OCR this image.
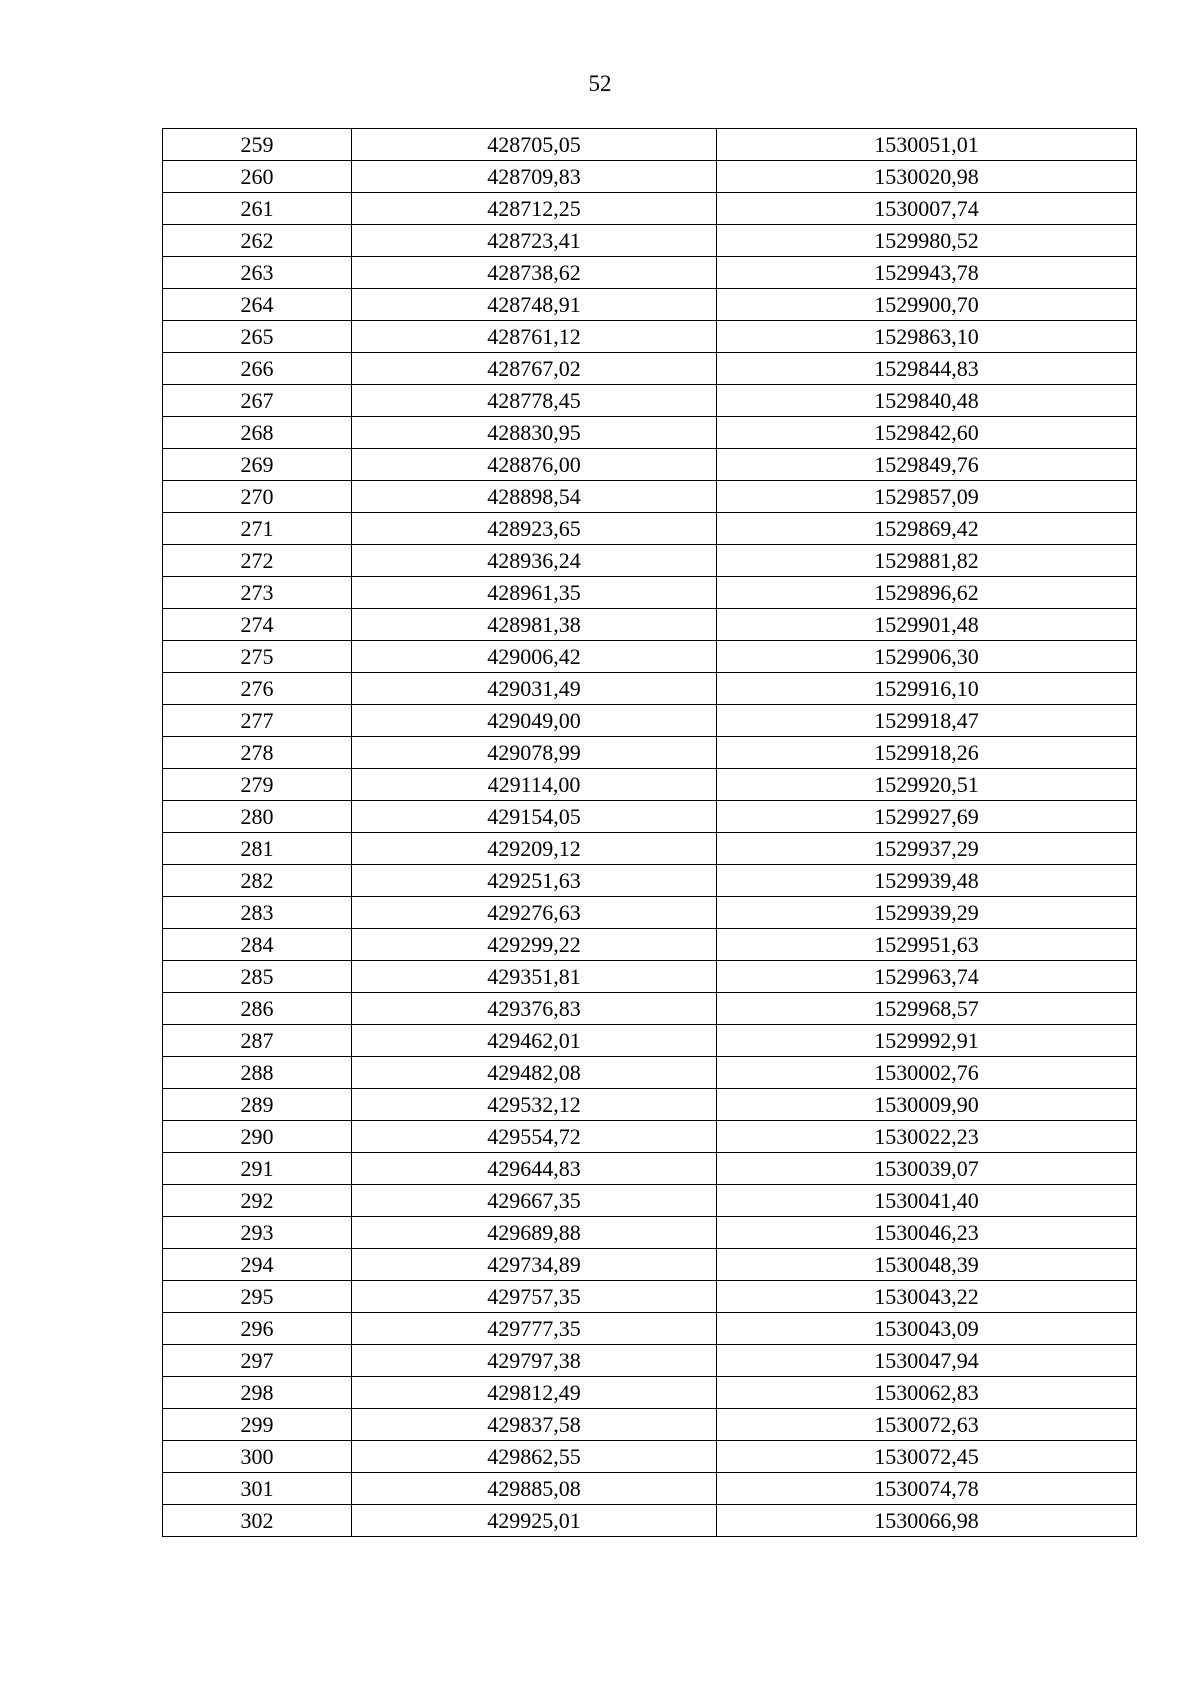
52
259	428705,05	1530051,01
260	428709,83	1530020,98
261	428712,25	1530007,74
262	428723,41	1529980,52
263	428738,62	1529943,78
264	428748,91	1529900,70
265	428761,12	1529863,10
266	428767,02	1529844,83
267	428778,45	1529840,48
268	428830,95	1529842,60
269	428876,00	1529849,76
270	428898,54	1529857,09
271	428923,65	1529869,42
272	428936,24	1529881,82
273	428961,35	1529896,62
274	428981,38	1529901,48
275	429006,42	1529906,30
276	429031,49	1529916,10
277	429049,00	1529918,47
278	429078,99	1529918,26
279	429114,00	1529920,51
280	429154,05	1529927,69
281	429209,12	1529937,29
282	429251,63	1529939,48
283	429276,63	1529939,29
284	429299,22	1529951,63
285	429351,81	1529963,74
286	429376,83	1529968,57
287	429462,01	1529992,91
288	429482,08	1530002,76
289	429532,12	1530009,90
290	429554,72	1530022,23
291	429644,83	1530039,07
292	429667,35	1530041,40
293	429689,88	1530046,23
294	429734,89	1530048,39
295	429757,35	1530043,22
296	429777,35	1530043,09
297	429797,38	1530047,94
298	429812,49	1530062,83
299	429837,58	1530072,63
300	429862,55	1530072,45
301	429885,08	1530074,78
302	429925,01	1530066,98
